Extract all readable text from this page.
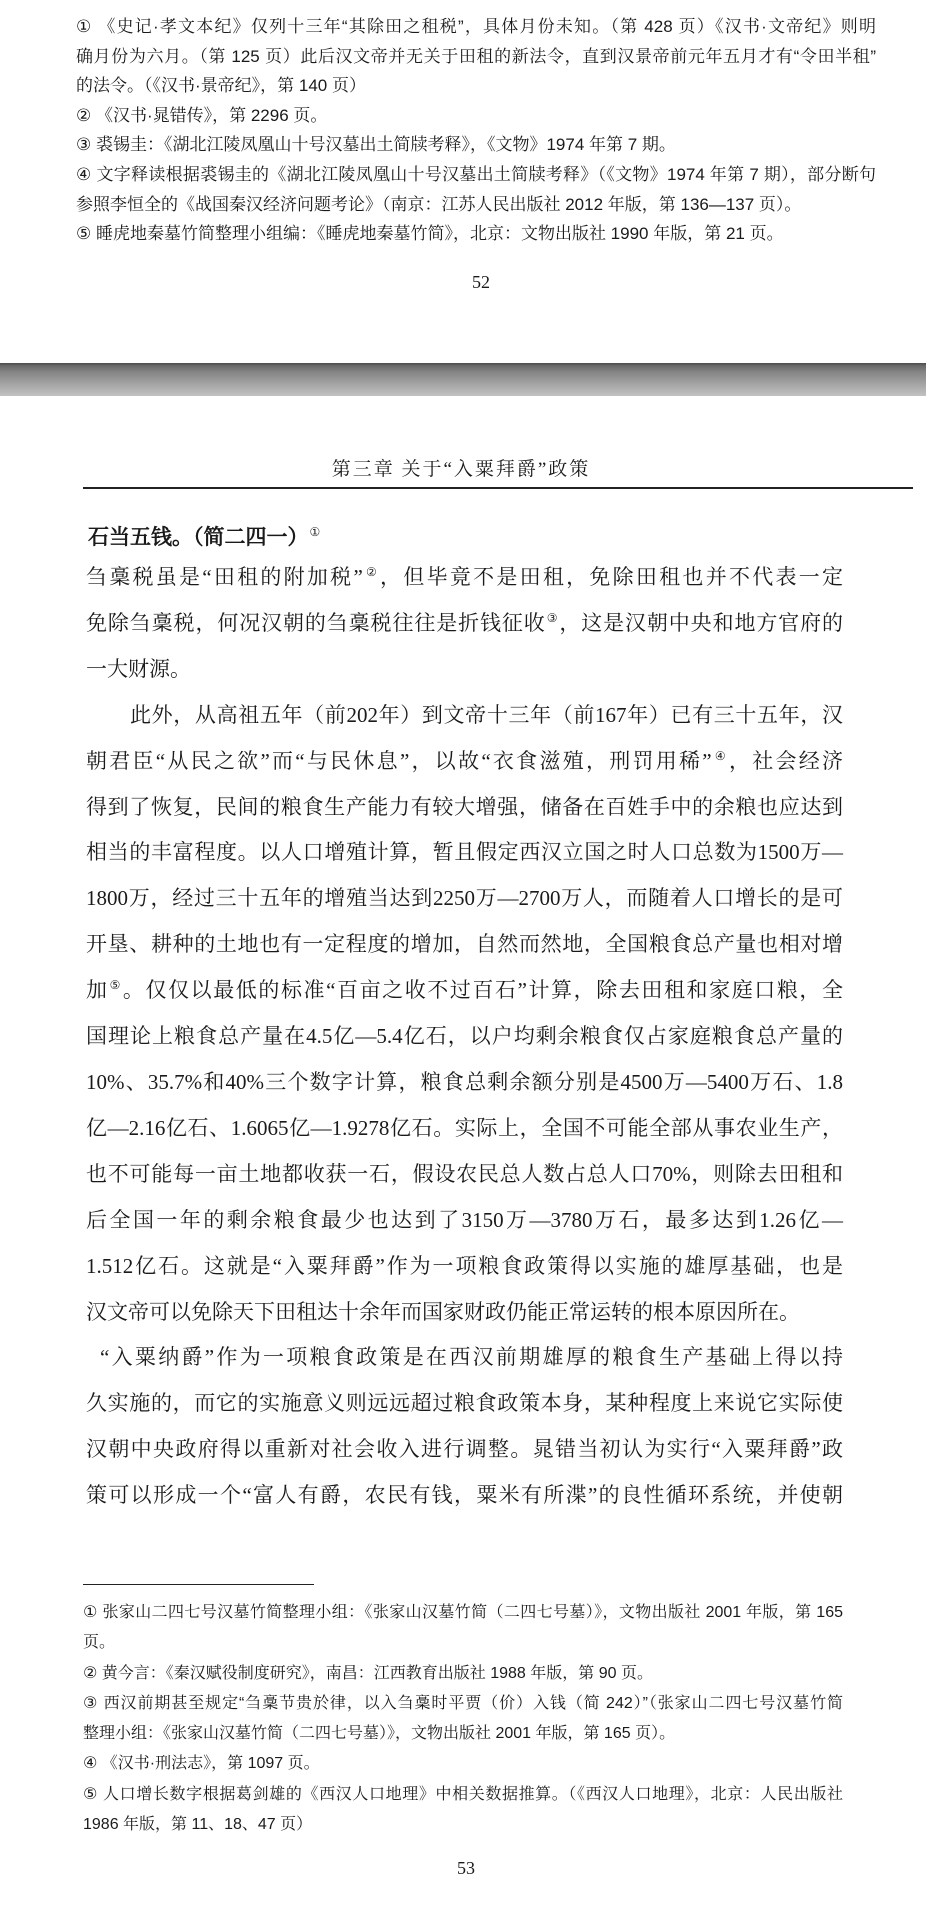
① 《史记·孝文本纪》仅列十三年“其除田之租税”，具体月份未知。（第 428 页）《汉书·文帝纪》则明
确月份为六月。（第 125 页）此后汉文帝并无关于田租的新法令，直到汉景帝前元年五月才有“令田半租”
的法令。（《汉书·景帝纪》，第 140 页）
② 《汉书·晁错传》，第 2296 页。
③ 裘锡圭：《湖北江陵凤凰山十号汉墓出土简牍考释》，《文物》1974 年第 7 期。
④ 文字释读根据裘锡圭的《湖北江陵凤凰山十号汉墓出土简牍考释》（《文物》1974 年第 7 期），部分断句
参照李恒全的《战国秦汉经济问题考论》（南京：江苏人民出版社 2012 年版，第 136—137 页）。
⑤ 睡虎地秦墓竹简整理小组编：《睡虎地秦墓竹简》，北京：文物出版社 1990 年版，第 21 页。
52
第三章 关于“入粟拜爵”政策
石当五钱。（简二四一）①
刍稾税虽是“田租的附加税”②，但毕竟不是田租，免除田租也并不代表一定
免除刍稾税，何况汉朝的刍稾税往往是折钱征收③，这是汉朝中央和地方官府的
一大财源。
此外，从高祖五年（前202年）到文帝十三年（前167年）已有三十五年，汉
朝君臣“从民之欲”而“与民休息”，以故“衣食滋殖，刑罚用稀”④，社会经济
得到了恢复，民间的粮食生产能力有较大增强，储备在百姓手中的余粮也应达到
相当的丰富程度。以人口增殖计算，暂且假定西汉立国之时人口总数为1500万—
1800万，经过三十五年的增殖当达到2250万—2700万人，而随着人口增长的是可
开垦、耕种的土地也有一定程度的增加，自然而然地，全国粮食总产量也相对增
加⑤。仅仅以最低的标准“百亩之收不过百石”计算，除去田租和家庭口粮，全
国理论上粮食总产量在4.5亿—5.4亿石，以户均剩余粮食仅占家庭粮食总产量的
10%、35.7%和40%三个数字计算，粮食总剩余额分别是4500万—5400万石、1.8
亿—2.16亿石、1.6065亿—1.9278亿石。实际上，全国不可能全部从事农业生产，
也不可能每一亩土地都收获一石，假设农民总人数占总人口70%，则除去田租和
后全国一年的剩余粮食最少也达到了3150万—3780万石，最多达到1.26亿—
1.512亿石。这就是“入粟拜爵”作为一项粮食政策得以实施的雄厚基础，也是
汉文帝可以免除天下田租达十余年而国家财政仍能正常运转的根本原因所在。
“入粟纳爵”作为一项粮食政策是在西汉前期雄厚的粮食生产基础上得以持
久实施的，而它的实施意义则远远超过粮食政策本身，某种程度上来说它实际使
汉朝中央政府得以重新对社会收入进行调整。晁错当初认为实行“入粟拜爵”政
策可以形成一个“富人有爵，农民有钱，粟米有所渫”的良性循环系统，并使朝
① 张家山二四七号汉墓竹简整理小组：《张家山汉墓竹简（二四七号墓）》，文物出版社 2001 年版，第 165
页。
② 黄今言：《秦汉赋役制度研究》，南昌：江西教育出版社 1988 年版，第 90 页。
③ 西汉前期甚至规定“刍稾节贵於律，以入刍稾时平贾（价）入钱（简 242）”（张家山二四七号汉墓竹简
整理小组：《张家山汉墓竹简（二四七号墓）》，文物出版社 2001 年版，第 165 页）。
④ 《汉书·刑法志》，第 1097 页。
⑤ 人口增长数字根据葛剑雄的《西汉人口地理》中相关数据推算。（《西汉人口地理》，北京：人民出版社
1986 年版，第 11、18、47 页）
53
